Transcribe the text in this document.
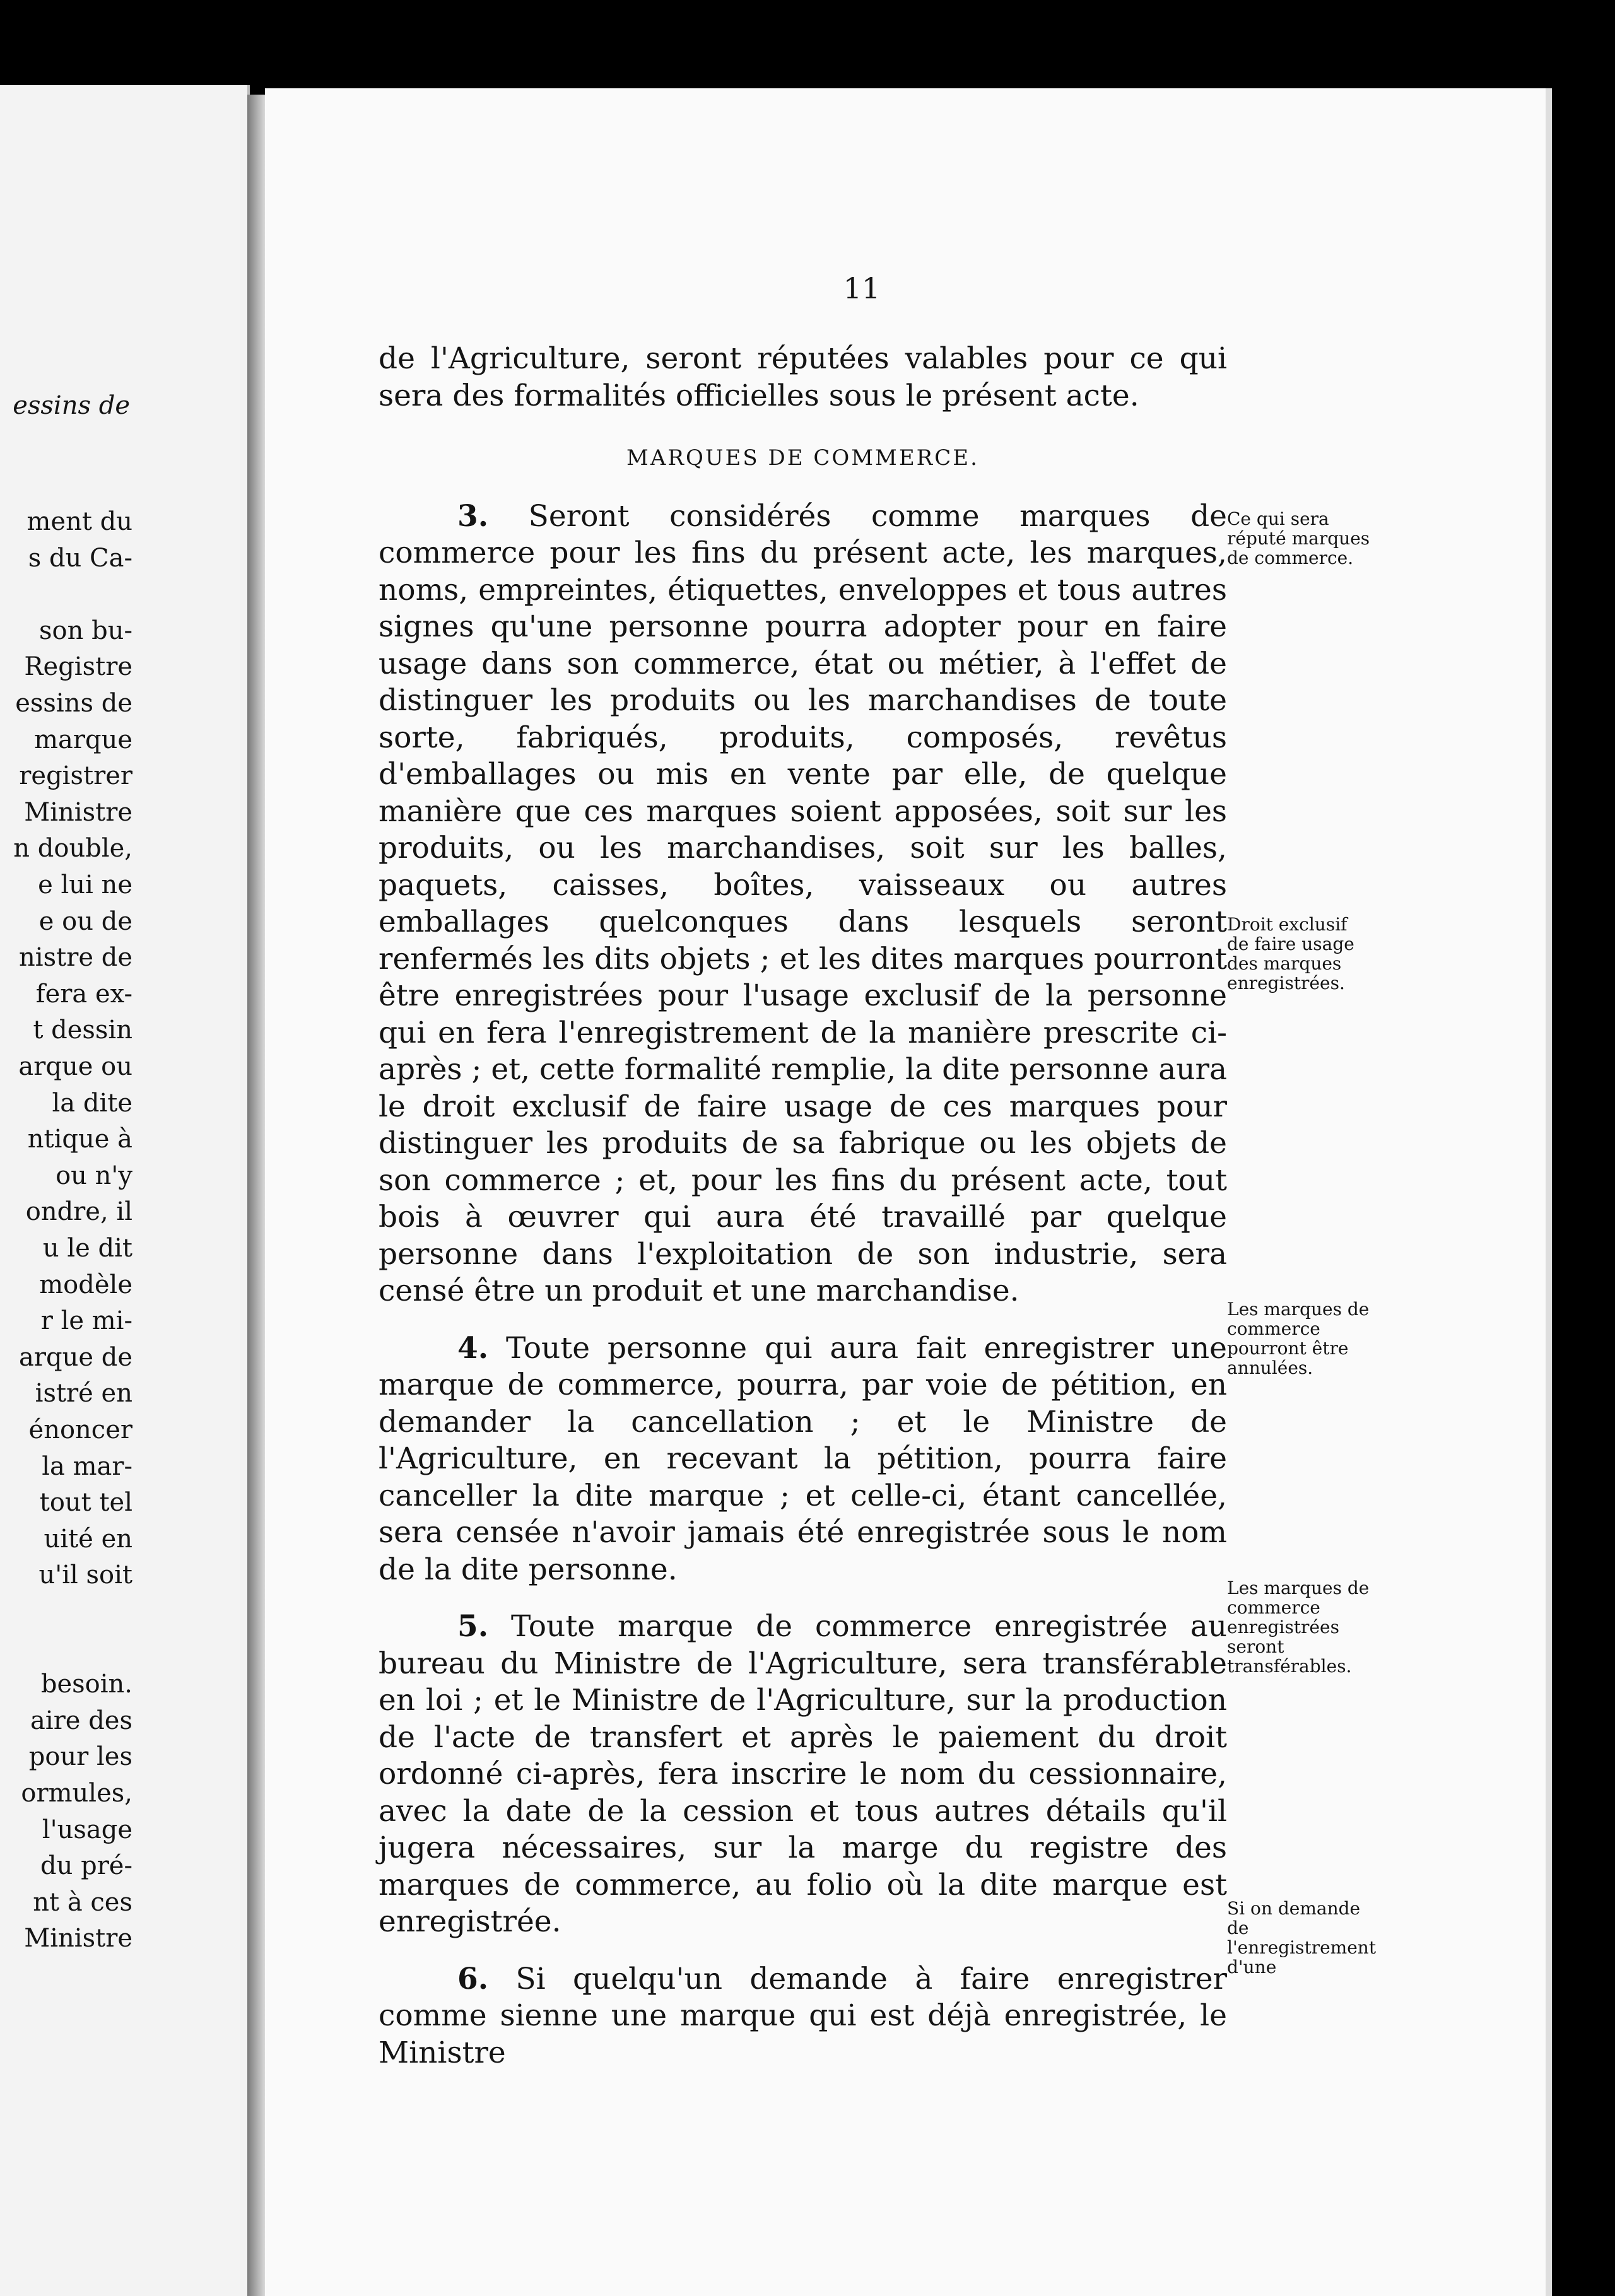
essins de
ment du
s du Ca-
son bu-
Registre
essins de
marque
registrer
Ministre
n double,
e lui ne
e ou de
nistre de
fera ex-
t dessin
arque ou
la dite
ntique à
ou n'y
ondre, il
u le dit
modèle
r le mi-
arque de
istré en
énoncer
la mar-
tout tel
uité en
u'il soit
besoin.
aire des
pour les
ormules,
l'usage
du pré-
nt à ces
Ministre
11

de l'Agriculture, seront réputées valables pour ce qui sera des formalités officielles sous le présent acte.

MARQUES DE COMMERCE.

3. Seront considérés comme marques de commerce pour les fins du présent acte, les marques, noms, empreintes, étiquettes, enveloppes et tous autres signes qu'une personne pourra adopter pour en faire usage dans son commerce, état ou métier, à l'effet de distinguer les produits ou les marchandises de toute sorte, fabriqués, produits, composés, revêtus d'emballages ou mis en vente par elle, de quelque manière que ces marques soient apposées, soit sur les produits, ou les marchandises, soit sur les balles, paquets, caisses, boîtes, vaisseaux ou autres emballages quelconques dans lesquels seront renfermés les dits objets ; et les dites marques pourront être enregistrées pour l'usage exclusif de la personne qui en fera l'enregistrement de la manière prescrite ci-après ; et, cette formalité remplie, la dite personne aura le droit exclusif de faire usage de ces marques pour distinguer les produits de sa fabrique ou les objets de son commerce ; et, pour les fins du présent acte, tout bois à œuvrer qui aura été travaillé par quelque personne dans l'exploitation de son industrie, sera censé être un produit et une marchandise.

4. Toute personne qui aura fait enregistrer une marque de commerce, pourra, par voie de pétition, en demander la cancellation ; et le Ministre de l'Agriculture, en recevant la pétition, pourra faire canceller la dite marque ; et celle-ci, étant cancellée, sera censée n'avoir jamais été enregistrée sous le nom de la dite personne.

5. Toute marque de commerce enregistrée au bureau du Ministre de l'Agriculture, sera transférable en loi ; et le Ministre de l'Agriculture, sur la production de l'acte de transfert et après le paiement du droit ordonné ci-après, fera inscrire le nom du cessionnaire, avec la date de la cession et tous autres détails qu'il jugera nécessaires, sur la marge du registre des marques de commerce, au folio où la dite marque est enregistrée.

6. Si quelqu'un demande à faire enregistrer comme sienne une marque qui est déjà enregistrée, le Ministre

Ce qui sera réputé marques de commerce.
Droit exclusif de faire usage des marques enregistrées.
Les marques de commerce pourront être annulées.
Les marques de commerce enregistrées seront transférables.
Si on demande de l'enregistrement d'une
